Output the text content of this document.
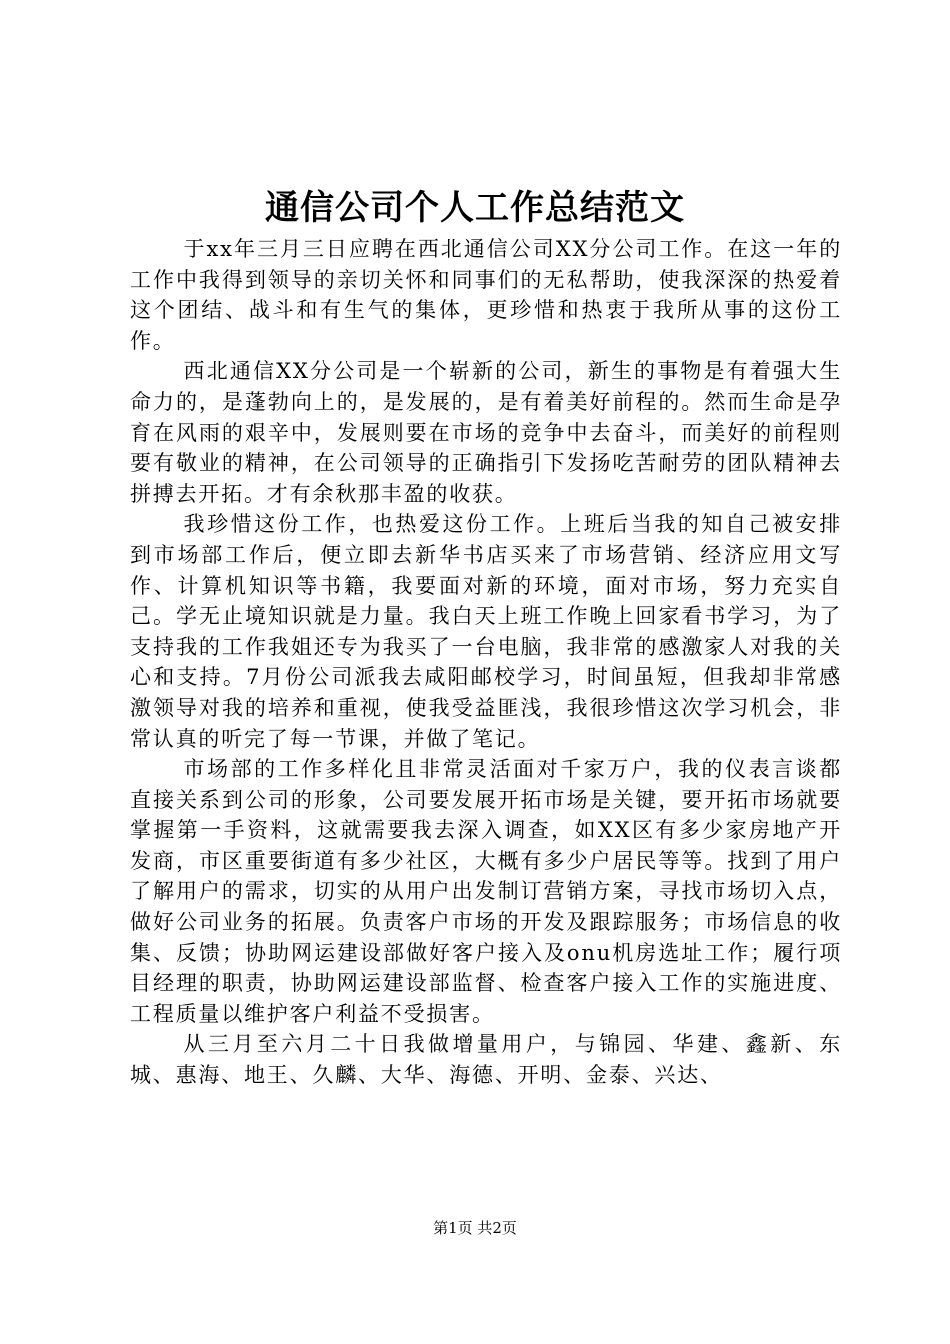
通信公司个人工作总结范文

于xx年三月三日应聘在西北通信公司XX分公司工作。在这一年的工作中我得到领导的亲切关怀和同事们的无私帮助，使我深深的热爱着这个团结、战斗和有生气的集体，更珍惜和热衷于我所从事的这份工作。

西北通信XX分公司是一个崭新的公司，新生的事物是有着强大生命力的，是蓬勃向上的，是发展的，是有着美好前程的。然而生命是孕育在风雨的艰辛中，发展则要在市场的竞争中去奋斗，而美好的前程则要有敬业的精神，在公司领导的正确指引下发扬吃苦耐劳的团队精神去拼搏去开拓。才有余秋那丰盈的收获。

我珍惜这份工作，也热爱这份工作。上班后当我的知自己被安排到市场部工作后，便立即去新华书店买来了市场营销、经济应用文写作、计算机知识等书籍，我要面对新的环境，面对市场，努力充实自己。学无止境知识就是力量。我白天上班工作晚上回家看书学习，为了支持我的工作我姐还专为我买了一台电脑，我非常的感激家人对我的关心和支持。7月份公司派我去咸阳邮校学习，时间虽短，但我却非常感激领导对我的培养和重视，使我受益匪浅，我很珍惜这次学习机会，非常认真的听完了每一节课，并做了笔记。

市场部的工作多样化且非常灵活面对千家万户，我的仪表言谈都直接关系到公司的形象，公司要发展开拓市场是关键，要开拓市场就要掌握第一手资料，这就需要我去深入调查，如XX区有多少家房地产开发商，市区重要街道有多少社区，大概有多少户居民等等。找到了用户了解用户的需求，切实的从用户出发制订营销方案，寻找市场切入点，做好公司业务的拓展。负责客户市场的开发及跟踪服务；市场信息的收集、反馈；协助网运建设部做好客户接入及onu机房选址工作；履行项目经理的职责，协助网运建设部监督、检查客户接入工作的实施进度、工程质量以维护客户利益不受损害。

从三月至六月二十日我做增量用户，与锦园、华建、鑫新、东城、惠海、地王、久麟、大华、海德、开明、金泰、兴达、

第1页 共2页
